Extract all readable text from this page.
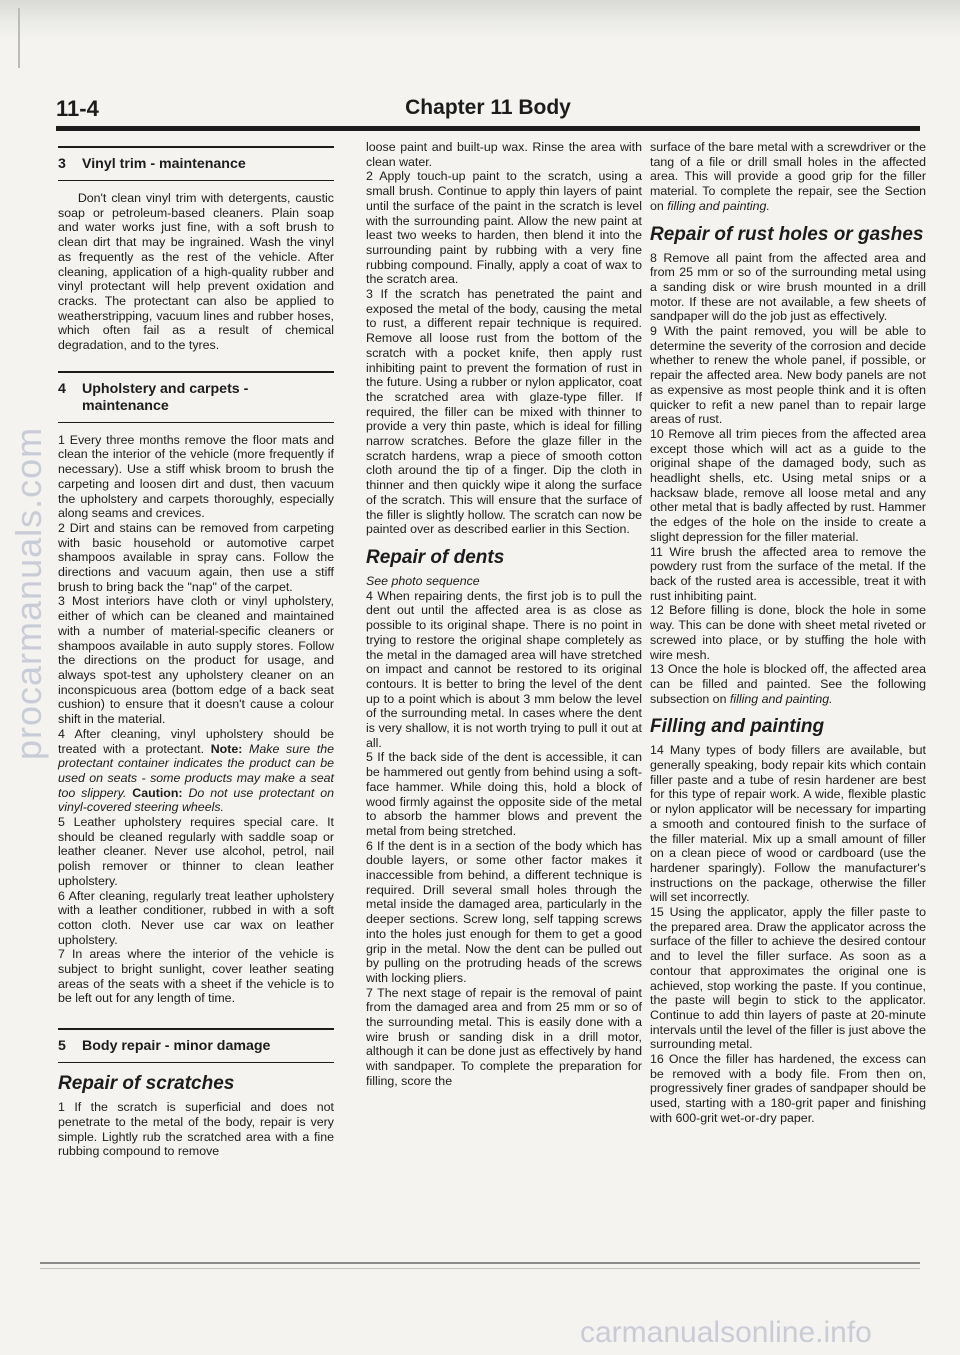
procarmanuals.com
11-4	Chapter 11 Body
3	Vinyl trim - maintenance

Don't clean vinyl trim with detergents, caustic soap or petroleum-based cleaners. Plain soap and water works just fine, with a soft brush to clean dirt that may be ingrained. Wash the vinyl as frequently as the rest of the vehicle. After cleaning, application of a high-quality rubber and vinyl protectant will help prevent oxidation and cracks. The protectant can also be applied to weatherstripping, vacuum lines and rubber hoses, which often fail as a result of chemical degradation, and to the tyres.

4	Upholstery and carpets - maintenance

1 Every three months remove the floor mats and clean the interior of the vehicle (more frequently if necessary). Use a stiff whisk broom to brush the carpeting and loosen dirt and dust, then vacuum the upholstery and carpets thoroughly, especially along seams and crevices.

2 Dirt and stains can be removed from carpeting with basic household or automotive carpet shampoos available in spray cans. Follow the directions and vacuum again, then use a stiff brush to bring back the "nap" of the carpet.

3 Most interiors have cloth or vinyl upholstery, either of which can be cleaned and maintained with a number of material-specific cleaners or shampoos available in auto supply stores. Follow the directions on the product for usage, and always spot-test any upholstery cleaner on an inconspicuous area (bottom edge of a back seat cushion) to ensure that it doesn't cause a colour shift in the material.

4 After cleaning, vinyl upholstery should be treated with a protectant. Note: Make sure the protectant container indicates the product can be used on seats - some products may make a seat too slippery. Caution: Do not use protectant on vinyl-covered steering wheels.

5 Leather upholstery requires special care. It should be cleaned regularly with saddle soap or leather cleaner. Never use alcohol, petrol, nail polish remover or thinner to clean leather upholstery.

6 After cleaning, regularly treat leather upholstery with a leather conditioner, rubbed in with a soft cotton cloth. Never use car wax on leather upholstery.

7 In areas where the interior of the vehicle is subject to bright sunlight, cover leather seating areas of the seats with a sheet if the vehicle is to be left out for any length of time.

5	Body repair - minor damage
Repair of scratches

1 If the scratch is superficial and does not penetrate to the metal of the body, repair is very simple. Lightly rub the scratched area with a fine rubbing compound to remove

loose paint and built-up wax. Rinse the area with clean water.

2 Apply touch-up paint to the scratch, using a small brush. Continue to apply thin layers of paint until the surface of the paint in the scratch is level with the surrounding paint. Allow the new paint at least two weeks to harden, then blend it into the surrounding paint by rubbing with a very fine rubbing compound. Finally, apply a coat of wax to the scratch area.

3 If the scratch has penetrated the paint and exposed the metal of the body, causing the metal to rust, a different repair technique is required. Remove all loose rust from the bottom of the scratch with a pocket knife, then apply rust inhibiting paint to prevent the formation of rust in the future. Using a rubber or nylon applicator, coat the scratched area with glaze-type filler. If required, the filler can be mixed with thinner to provide a very thin paste, which is ideal for filling narrow scratches. Before the glaze filler in the scratch hardens, wrap a piece of smooth cotton cloth around the tip of a finger. Dip the cloth in thinner and then quickly wipe it along the surface of the scratch. This will ensure that the surface of the filler is slightly hollow. The scratch can now be painted over as described earlier in this Section.

Repair of dents

See photo sequence

4 When repairing dents, the first job is to pull the dent out until the affected area is as close as possible to its original shape. There is no point in trying to restore the original shape completely as the metal in the damaged area will have stretched on impact and cannot be restored to its original contours. It is better to bring the level of the dent up to a point which is about 3 mm below the level of the surrounding metal. In cases where the dent is very shallow, it is not worth trying to pull it out at all.

5 If the back side of the dent is accessible, it can be hammered out gently from behind using a soft-face hammer. While doing this, hold a block of wood firmly against the opposite side of the metal to absorb the hammer blows and prevent the metal from being stretched.

6 If the dent is in a section of the body which has double layers, or some other factor makes it inaccessible from behind, a different technique is required. Drill several small holes through the metal inside the damaged area, particularly in the deeper sections. Screw long, self tapping screws into the holes just enough for them to get a good grip in the metal. Now the dent can be pulled out by pulling on the protruding heads of the screws with locking pliers.

7 The next stage of repair is the removal of paint from the damaged area and from 25 mm or so of the surrounding metal. This is easily done with a wire brush or sanding disk in a drill motor, although it can be done just as effectively by hand with sandpaper. To complete the preparation for filling, score the

surface of the bare metal with a screwdriver or the tang of a file or drill small holes in the affected area. This will provide a good grip for the filler material. To complete the repair, see the Section on filling and painting.

Repair of rust holes or gashes

8 Remove all paint from the affected area and from 25 mm or so of the surrounding metal using a sanding disk or wire brush mounted in a drill motor. If these are not available, a few sheets of sandpaper will do the job just as effectively.

9 With the paint removed, you will be able to determine the severity of the corrosion and decide whether to renew the whole panel, if possible, or repair the affected area. New body panels are not as expensive as most people think and it is often quicker to refit a new panel than to repair large areas of rust.

10 Remove all trim pieces from the affected area except those which will act as a guide to the original shape of the damaged body, such as headlight shells, etc. Using metal snips or a hacksaw blade, remove all loose metal and any other metal that is badly affected by rust. Hammer the edges of the hole on the inside to create a slight depression for the filler material.

11 Wire brush the affected area to remove the powdery rust from the surface of the metal. If the back of the rusted area is accessible, treat it with rust inhibiting paint.

12 Before filling is done, block the hole in some way. This can be done with sheet metal riveted or screwed into place, or by stuffing the hole with wire mesh.

13 Once the hole is blocked off, the affected area can be filled and painted. See the following subsection on filling and painting.

Filling and painting

14 Many types of body fillers are available, but generally speaking, body repair kits which contain filler paste and a tube of resin hardener are best for this type of repair work. A wide, flexible plastic or nylon applicator will be necessary for imparting a smooth and contoured finish to the surface of the filler material. Mix up a small amount of filler on a clean piece of wood or cardboard (use the hardener sparingly). Follow the manufacturer's instructions on the package, otherwise the filler will set incorrectly.

15 Using the applicator, apply the filler paste to the prepared area. Draw the applicator across the surface of the filler to achieve the desired contour and to level the filler surface. As soon as a contour that approximates the original one is achieved, stop working the paste. If you continue, the paste will begin to stick to the applicator. Continue to add thin layers of paste at 20-minute intervals until the level of the filler is just above the surrounding metal.

16 Once the filler has hardened, the excess can be removed with a body file. From then on, progressively finer grades of sandpaper should be used, starting with a 180-grit paper and finishing with 600-grit wet-or-dry paper.

carmanualsonline.info
